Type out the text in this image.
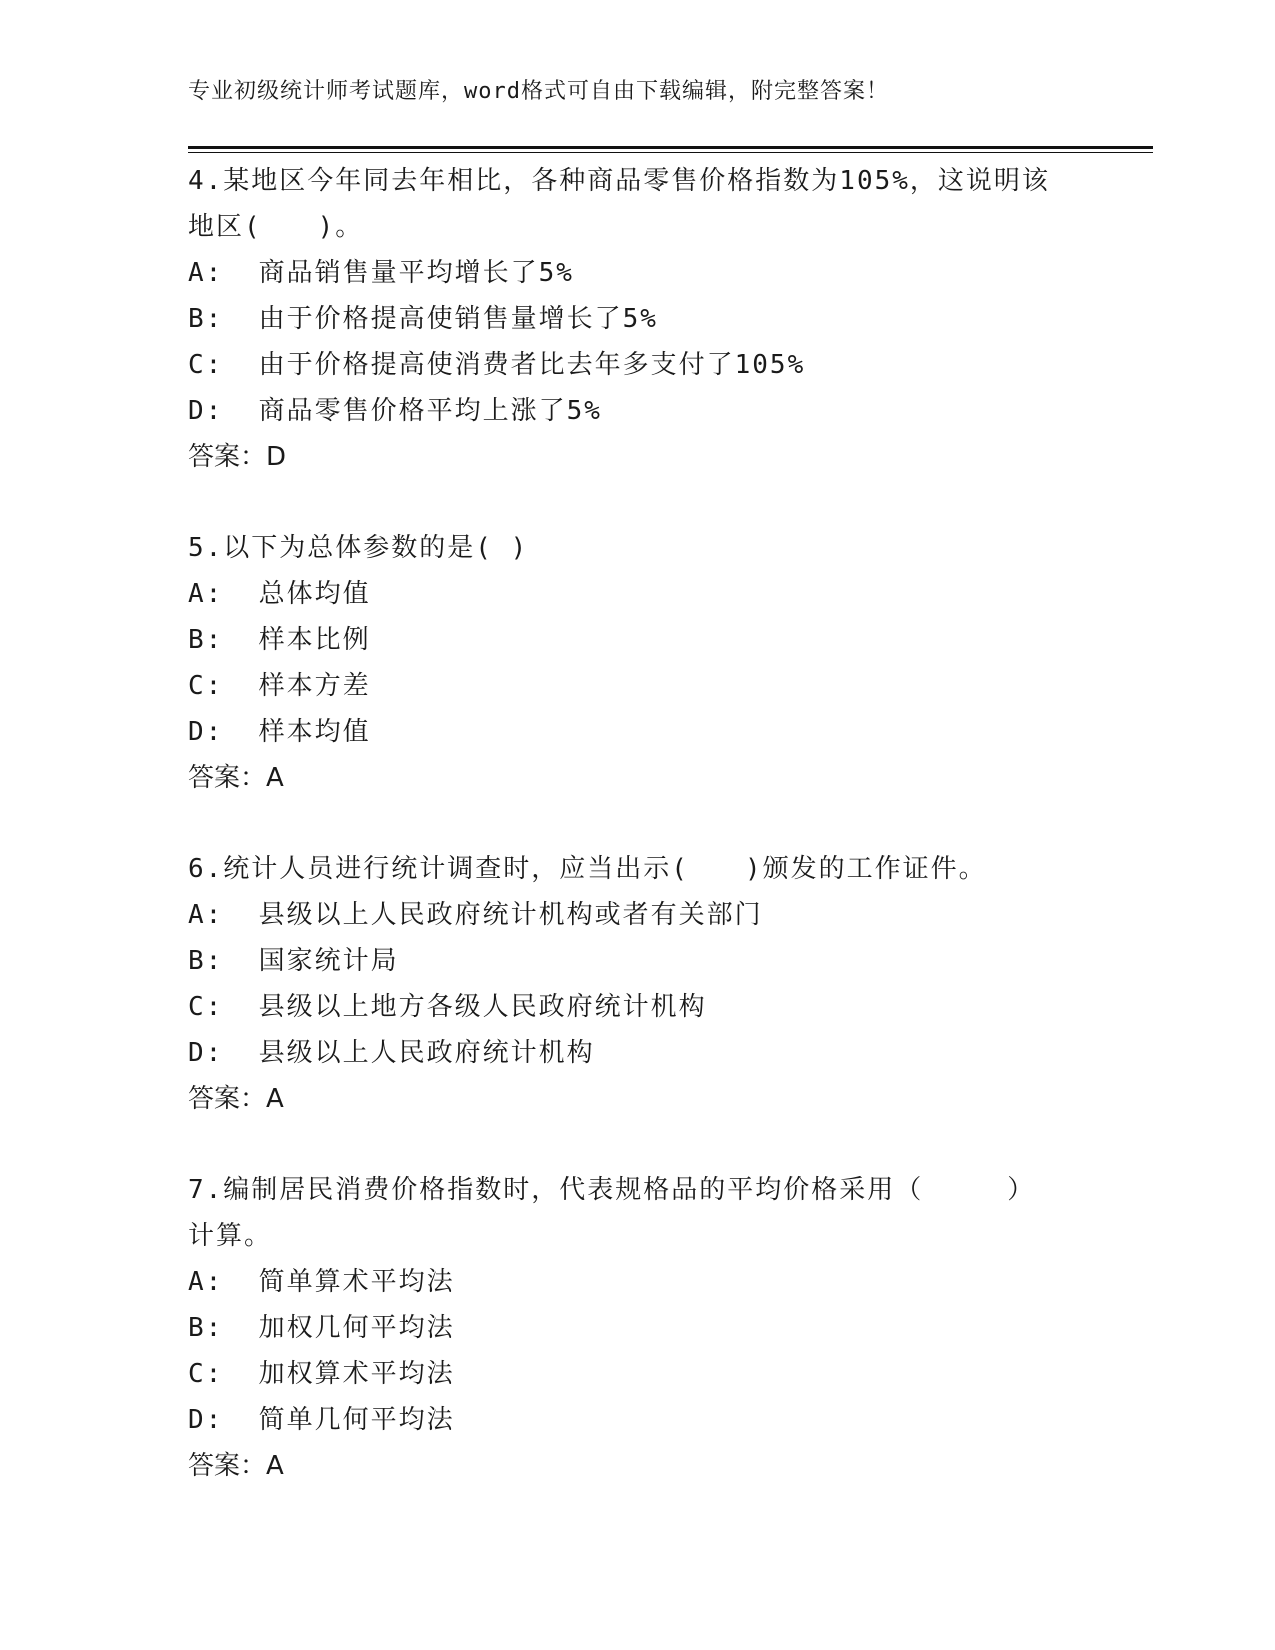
专业初级统计师考试题库，word格式可自由下载编辑，附完整答案！
4.某地区今年同去年相比，各种商品零售价格指数为105%，这说明该
地区(　　)。
A:  商品销售量平均增长了5%
B:  由于价格提高使销售量增长了5%
C:  由于价格提高使消费者比去年多支付了105%
D:  商品零售价格平均上涨了5%
答案：D
5.以下为总体参数的是( )
A:  总体均值
B:  样本比例
C:  样本方差
D:  样本均值
答案：A
6.统计人员进行统计调查时，应当出示(　　)颁发的工作证件。
A:  县级以上人民政府统计机构或者有关部门
B:  国家统计局
C:  县级以上地方各级人民政府统计机构
D:  县级以上人民政府统计机构
答案：A
7.编制居民消费价格指数时，代表规格品的平均价格采用（　　　）
计算。
A:  简单算术平均法
B:  加权几何平均法
C:  加权算术平均法
D:  简单几何平均法
答案：A
